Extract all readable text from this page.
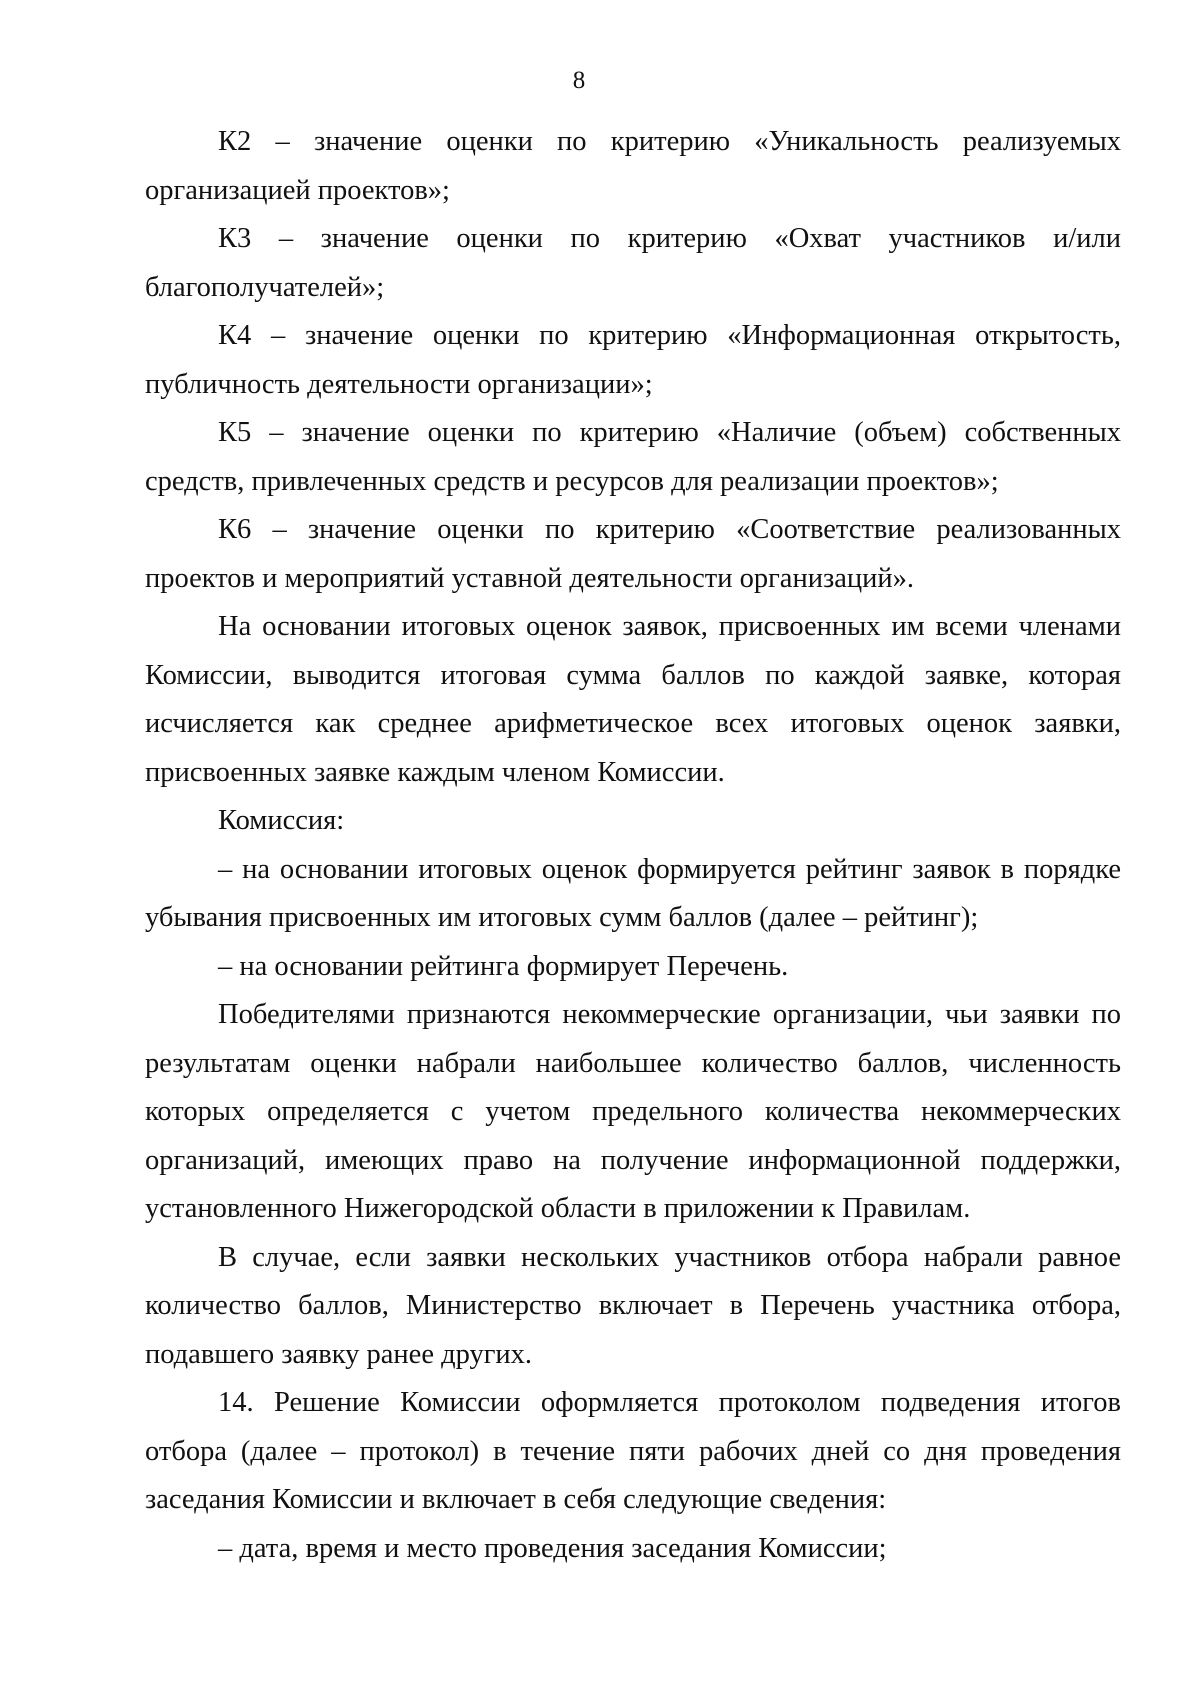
8

К2 – значение оценки по критерию «Уникальность реализуемых организацией проектов»;

К3 – значение оценки по критерию «Охват участников и/или благополучателей»;

К4 – значение оценки по критерию «Информационная открытость, публичность деятельности организации»;

К5 – значение оценки по критерию «Наличие (объем) собственных средств, привлеченных средств и ресурсов для реализации проектов»;

К6 – значение оценки по критерию «Соответствие реализованных проектов и мероприятий уставной деятельности организаций».

На основании итоговых оценок заявок, присвоенных им всеми членами Комиссии, выводится итоговая сумма баллов по каждой заявке, которая исчисляется как среднее арифметическое всех итоговых оценок заявки, присвоенных заявке каждым членом Комиссии.

Комиссия:

– на основании итоговых оценок формируется рейтинг заявок в порядке убывания присвоенных им итоговых сумм баллов (далее – рейтинг);

– на основании рейтинга формирует Перечень.

Победителями признаются некоммерческие организации, чьи заявки по результатам оценки набрали наибольшее количество баллов, численность которых определяется с учетом предельного количества некоммерческих организаций, имеющих право на получение информационной поддержки, установленного Нижегородской области в приложении к Правилам.

В случае, если заявки нескольких участников отбора набрали равное количество баллов, Министерство включает в Перечень участника отбора, подавшего заявку ранее других.

14. Решение Комиссии оформляется протоколом подведения итогов отбора (далее – протокол) в течение пяти рабочих дней со дня проведения заседания Комиссии и включает в себя следующие сведения:

– дата, время и место проведения заседания Комиссии;
